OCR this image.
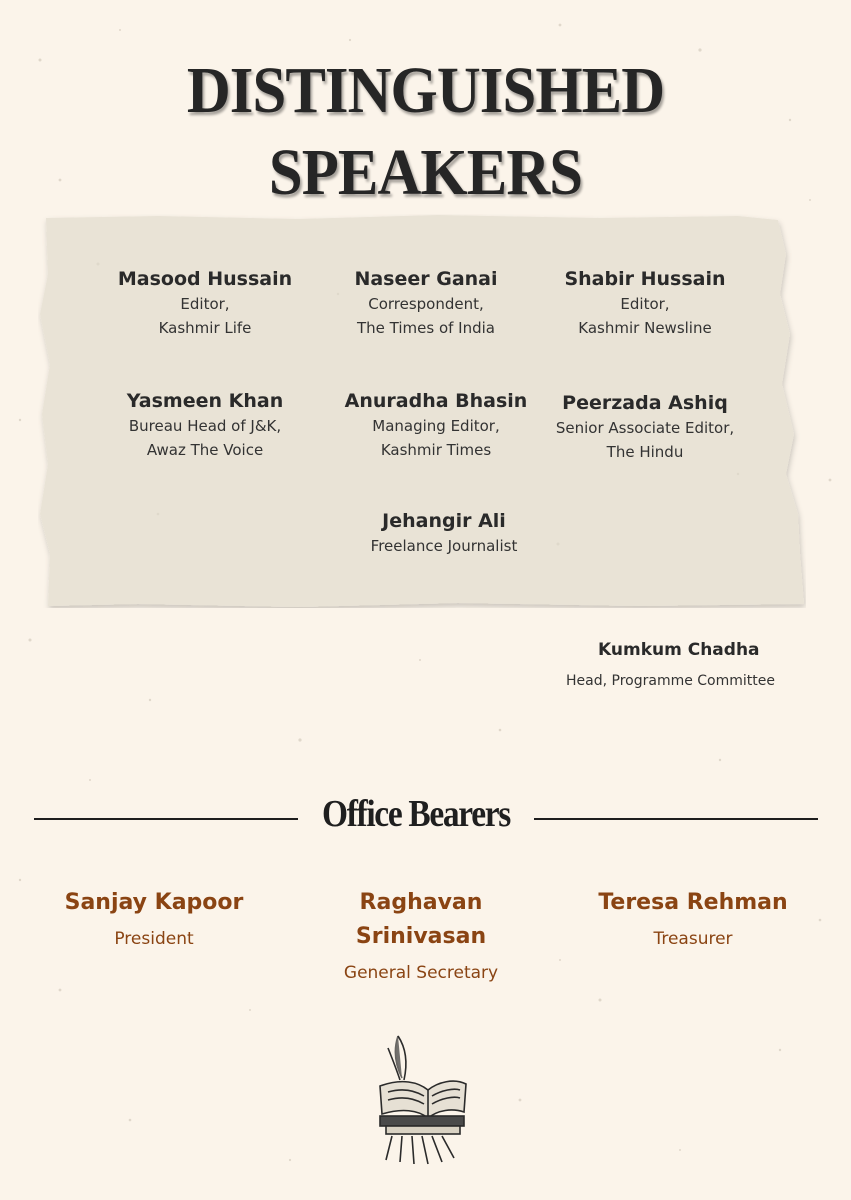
DISTINGUISHED
SPEAKERS
Masood Hussain
Editor,
Kashmir Life
Naseer Ganai
Correspondent,
The Times of India
Shabir Hussain
Editor,
Kashmir Newsline
Yasmeen Khan
Bureau Head of J&K,
Awaz The Voice
Anuradha Bhasin
Managing Editor,
Kashmir Times
Peerzada Ashiq
Senior Associate Editor,
The Hindu
Jehangir Ali
Freelance Journalist
Kumkum Chadha
Head, Programme Committee
Office Bearers
Sanjay Kapoor
President
Raghavan Srinivasan
General Secretary
Teresa Rehman
Treasurer
